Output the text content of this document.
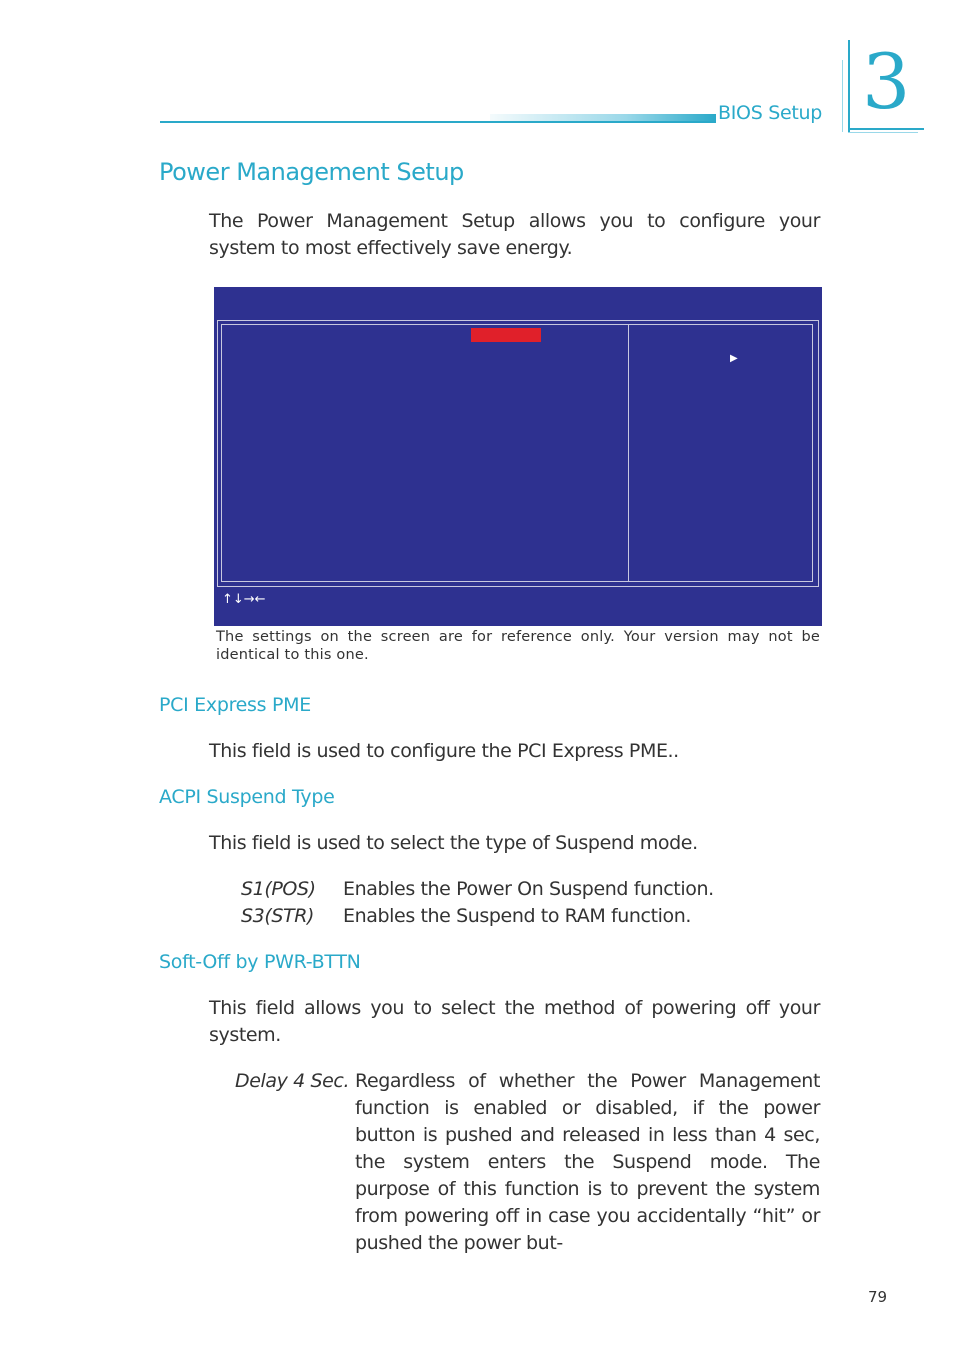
BIOS Setup 3
Power Management Setup
The Power Management Setup allows you to configure your system to most effectively save energy.
▶
↑↓→←
The settings on the screen are for reference only. Your version may not be identical to this one.
PCI Express PME
This field is used to configure the PCI Express PME..
ACPI Suspend Type
This field is used to select the type of Suspend mode.
S1(POS) Enables the Power On Suspend function.
S3(STR) Enables the Suspend to RAM function.
Soft-Off by PWR-BTTN
This field allows you to select the method of powering off your system.
Delay 4 Sec. Regardless of whether the Power Management function is enabled or disabled, if the power button is pushed and released in less than 4 sec, the system enters the Suspend mode. The purpose of this function is to prevent the system from powering off in case you accidentally “hit” or pushed the power but-
79
